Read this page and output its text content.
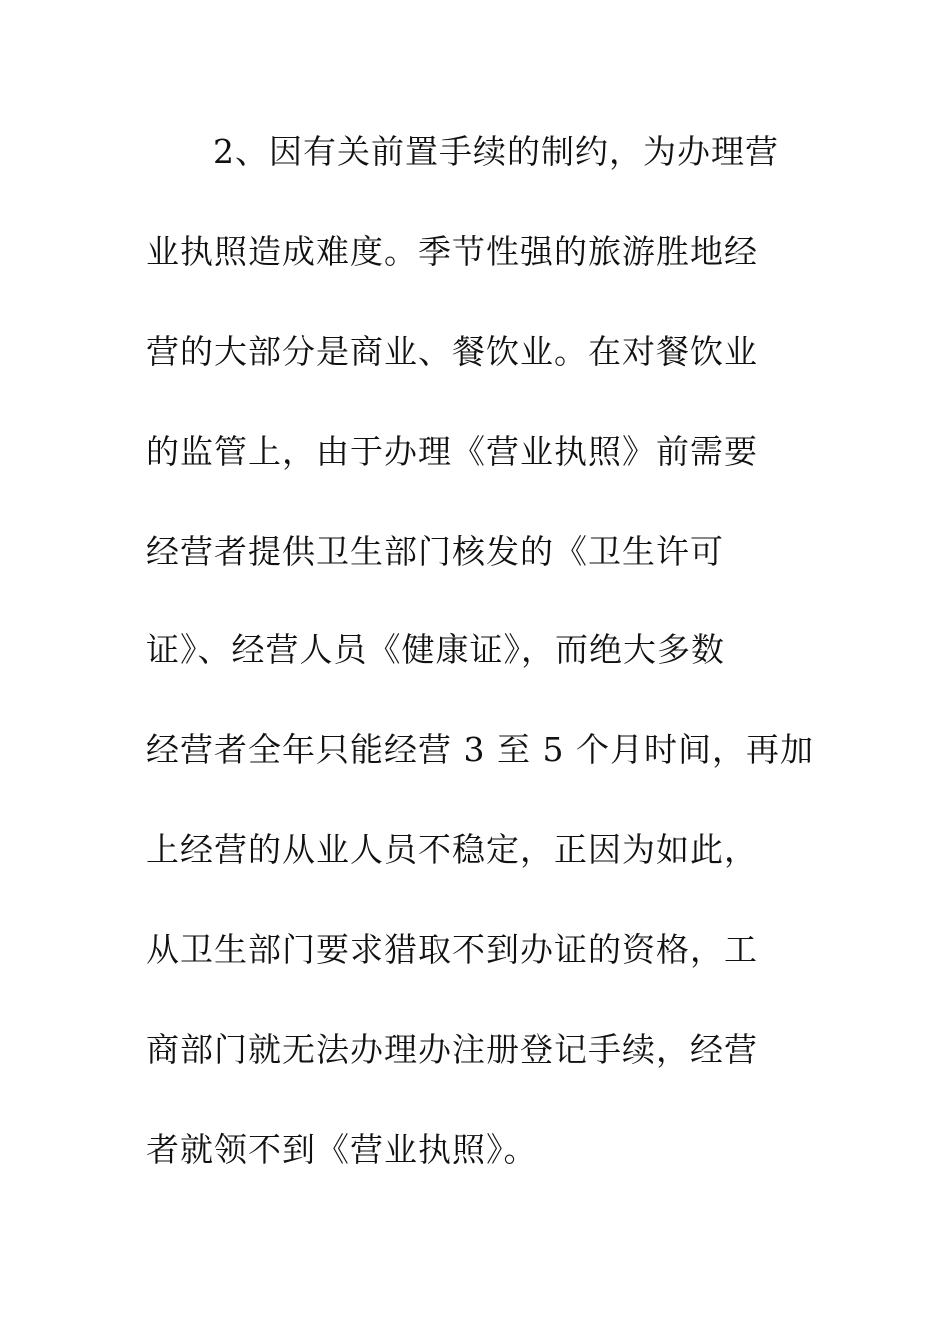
2、因有关前置手续的制约，为办理营
业执照造成难度。季节性强的旅游胜地经
营的大部分是商业、餐饮业。在对餐饮业
的监管上，由于办理《营业执照》前需要
经营者提供卫生部门核发的《卫生许可
证》、经营人员《健康证》，而绝大多数
经营者全年只能经营 3 至 5 个月时间，再加
上经营的从业人员不稳定，正因为如此，
从卫生部门要求猎取不到办证的资格，工
商部门就无法办理办注册登记手续，经营
者就领不到《营业执照》。
